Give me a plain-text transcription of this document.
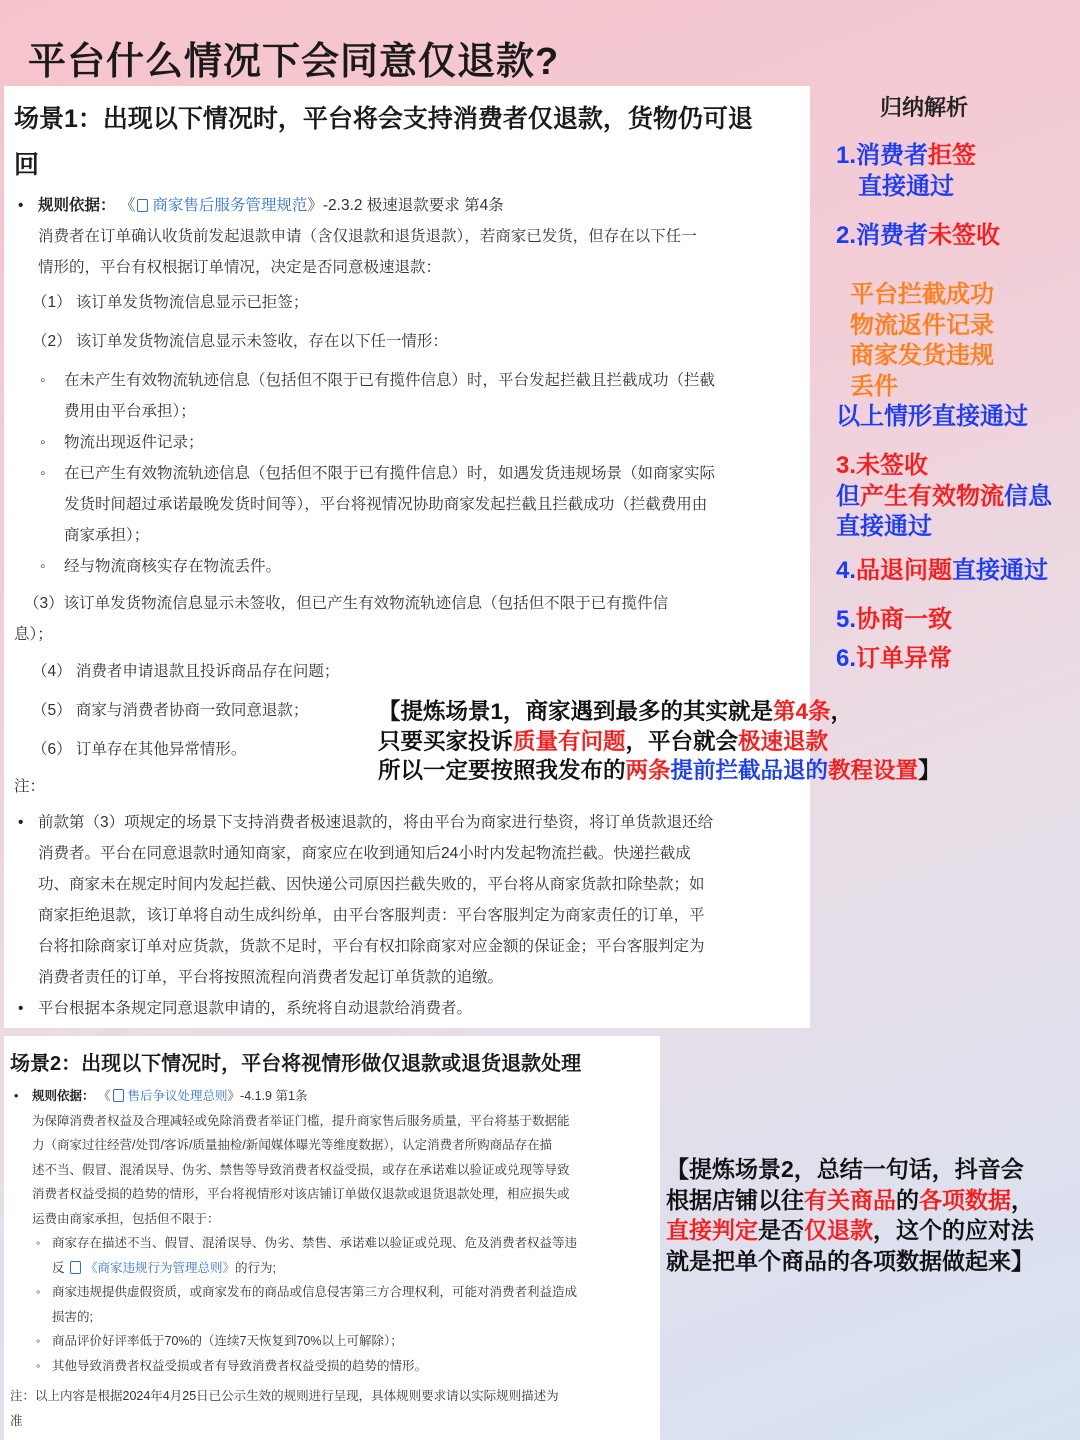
平台什么情况下会同意仅退款?
场景1：出现以下情况时，平台将会支持消费者仅退款，货物仍可退
回
• 规则依据： 《 商家售后服务管理规范》-2.3.2 极速退款要求 第4条
消费者在订单确认收货前发起退款申请（含仅退款和退货退款），若商家已发货，但存在以下任一
情形的，平台有权根据订单情况，决定是否同意极速退款：
（1） 该订单发货物流信息显示已拒签；
（2） 该订单发货物流信息显示未签收，存在以下任一情形：
◦ 在未产生有效物流轨迹信息（包括但不限于已有揽件信息）时，平台发起拦截且拦截成功（拦截
费用由平台承担）；
◦ 物流出现返件记录；
◦ 在已产生有效物流轨迹信息（包括但不限于已有揽件信息）时，如遇发货违规场景（如商家实际
发货时间超过承诺最晚发货时间等），平台将视情况协助商家发起拦截且拦截成功（拦截费用由
商家承担）；
◦ 经与物流商核实存在物流丢件。
（3）该订单发货物流信息显示未签收，但已产生有效物流轨迹信息（包括但不限于已有揽件信
息）；
（4） 消费者申请退款且投诉商品存在问题；
（5） 商家与消费者协商一致同意退款；
（6） 订单存在其他异常情形。
注：
• 前款第（3）项规定的场景下支持消费者极速退款的，将由平台为商家进行垫资，将订单货款退还给
消费者。平台在同意退款时通知商家，商家应在收到通知后24小时内发起物流拦截。快递拦截成
功、商家未在规定时间内发起拦截、因快递公司原因拦截失败的，平台将从商家货款扣除垫款；如
商家拒绝退款，该订单将自动生成纠纷单，由平台客服判责：平台客服判定为商家责任的订单，平
台将扣除商家订单对应货款，货款不足时，平台有权扣除商家对应金额的保证金；平台客服判定为
消费者责任的订单，平台将按照流程向消费者发起订单货款的追缴。
• 平台根据本条规定同意退款申请的，系统将自动退款给消费者。
场景2：出现以下情况时，平台将视情形做仅退款或退货退款处理
• 规则依据： 《 售后争议处理总则》-4.1.9 第1条
为保障消费者权益及合理减轻或免除消费者举证门槛，提升商家售后服务质量，平台将基于数据能
力（商家过往经营/处罚/客诉/质量抽检/新闻媒体曝光等维度数据），认定消费者所购商品存在描
述不当、假冒、混淆误导、伪劣、禁售等导致消费者权益受损，或存在承诺难以验证或兑现等导致
消费者权益受损的趋势的情形，平台将视情形对该店铺订单做仅退款或退货退款处理，相应损失或
运费由商家承担，包括但不限于：
◦ 商家存在描述不当、假冒、混淆误导、伪劣、禁售、承诺难以验证或兑现、危及消费者权益等违
反 《商家违规行为管理总则》的行为;
◦ 商家违规提供虚假资质，或商家发布的商品或信息侵害第三方合理权利，可能对消费者利益造成
损害的;
◦ 商品评价好评率低于70%的（连续7天恢复到70%以上可解除）；
◦ 其他导致消费者权益受损或者有导致消费者权益受损的趋势的情形。
注：以上内容是根据2024年4月25日已公示生效的规则进行呈现，具体规则要求请以实际规则描述为
准
归纳解析
1.消费者拒签
直接通过
2.消费者未签收
平台拦截成功
物流返件记录
商家发货违规
丢件
以上情形直接通过
3.未签收
但产生有效物流信息
直接通过
4.品退问题直接通过
5.协商一致
6.订单异常
【提炼场景1，商家遇到最多的其实就是第4条，
只要买家投诉质量有问题，平台就会极速退款
所以一定要按照我发布的两条提前拦截品退的教程设置】
【提炼场景2，总结一句话，抖音会
根据店铺以往有关商品的各项数据，
直接判定是否仅退款，这个的应对法
就是把单个商品的各项数据做起来】
